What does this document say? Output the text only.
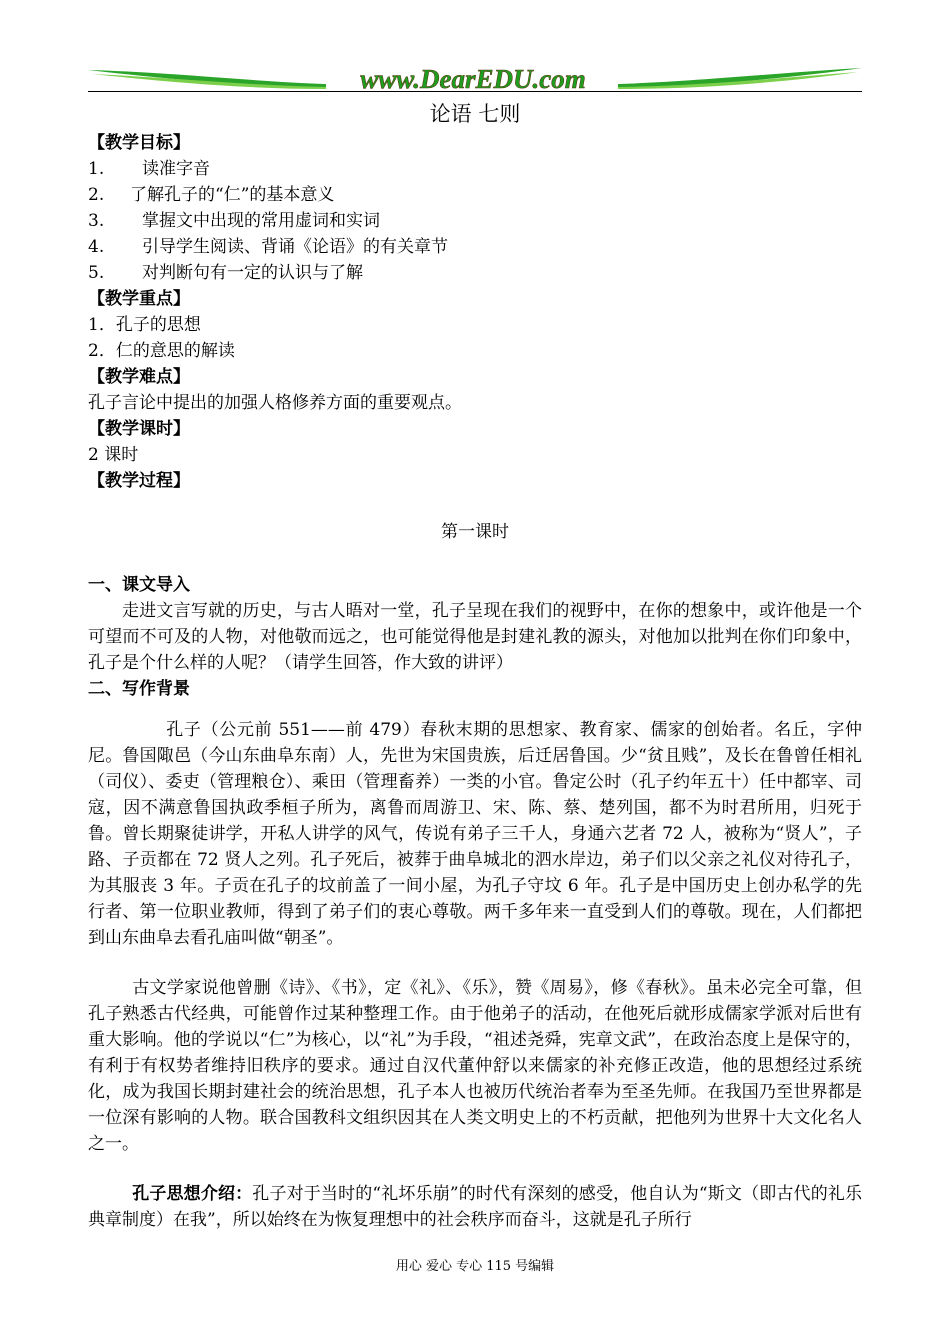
www.DearEDU.com
论语 七则
【教学目标】
1.	读准字音
2.	了解孔子的“仁”的基本意义
3.	掌握文中出现的常用虚词和实词
4.	引导学生阅读、背诵《论语》的有关章节
5.	对判断句有一定的认识与了解
【教学重点】
1．孔子的思想
2．仁的意思的解读
【教学难点】
孔子言论中提出的加强人格修养方面的重要观点。
【教学课时】
2 课时
【教学过程】
第一课时
一、课文导入

走进文言写就的历史，与古人晤对一堂，孔子呈现在我们的视野中，在你的想象中，或许他是一个可望而不可及的人物，对他敬而远之，也可能觉得他是封建礼教的源头，对他加以批判在你们印象中，孔子是个什么样的人呢？（请学生回答，作大致的讲评）

二、写作背景

孔子（公元前 551——前 479）春秋末期的思想家、教育家、儒家的创始者。名丘，字仲尼。鲁国陬邑（今山东曲阜东南）人，先世为宋国贵族，后迁居鲁国。少“贫且贱”，及长在鲁曾任相礼（司仪）、委吏（管理粮仓）、乘田（管理畜养）一类的小官。鲁定公时（孔子约年五十）任中都宰、司寇，因不满意鲁国执政季桓子所为，离鲁而周游卫、宋、陈、蔡、楚列国，都不为时君所用，归死于鲁。曾长期聚徒讲学，开私人讲学的风气，传说有弟子三千人，身通六艺者 72 人，被称为“贤人”，子路、子贡都在 72 贤人之列。孔子死后，被葬于曲阜城北的泗水岸边，弟子们以父亲之礼仪对待孔子，为其服丧 3 年。子贡在孔子的坟前盖了一间小屋，为孔子守坟 6 年。孔子是中国历史上创办私学的先行者、第一位职业教师，得到了弟子们的衷心尊敬。两千多年来一直受到人们的尊敬。现在，人们都把到山东曲阜去看孔庙叫做“朝圣”。

古文学家说他曾删《诗》、《书》，定《礼》、《乐》，赞《周易》，修《春秋》。虽未必完全可靠，但孔子熟悉古代经典，可能曾作过某种整理工作。由于他弟子的活动，在他死后就形成儒家学派对后世有重大影响。他的学说以“仁”为核心，以“礼”为手段，“祖述尧舜，宪章文武”，在政治态度上是保守的，有利于有权势者维持旧秩序的要求。通过自汉代董仲舒以来儒家的补充修正改造，他的思想经过系统化，成为我国长期封建社会的统治思想，孔子本人也被历代统治者奉为至圣先师。在我国乃至世界都是一位深有影响的人物。联合国教科文组织因其在人类文明史上的不朽贡献，把他列为世界十大文化名人之一。

孔子思想介绍：孔子对于当时的“礼坏乐崩”的时代有深刻的感受，他自认为“斯文（即古代的礼乐典章制度）在我”，所以始终在为恢复理想中的社会秩序而奋斗，这就是孔子所行

用心 爱心 专心 115 号编辑
